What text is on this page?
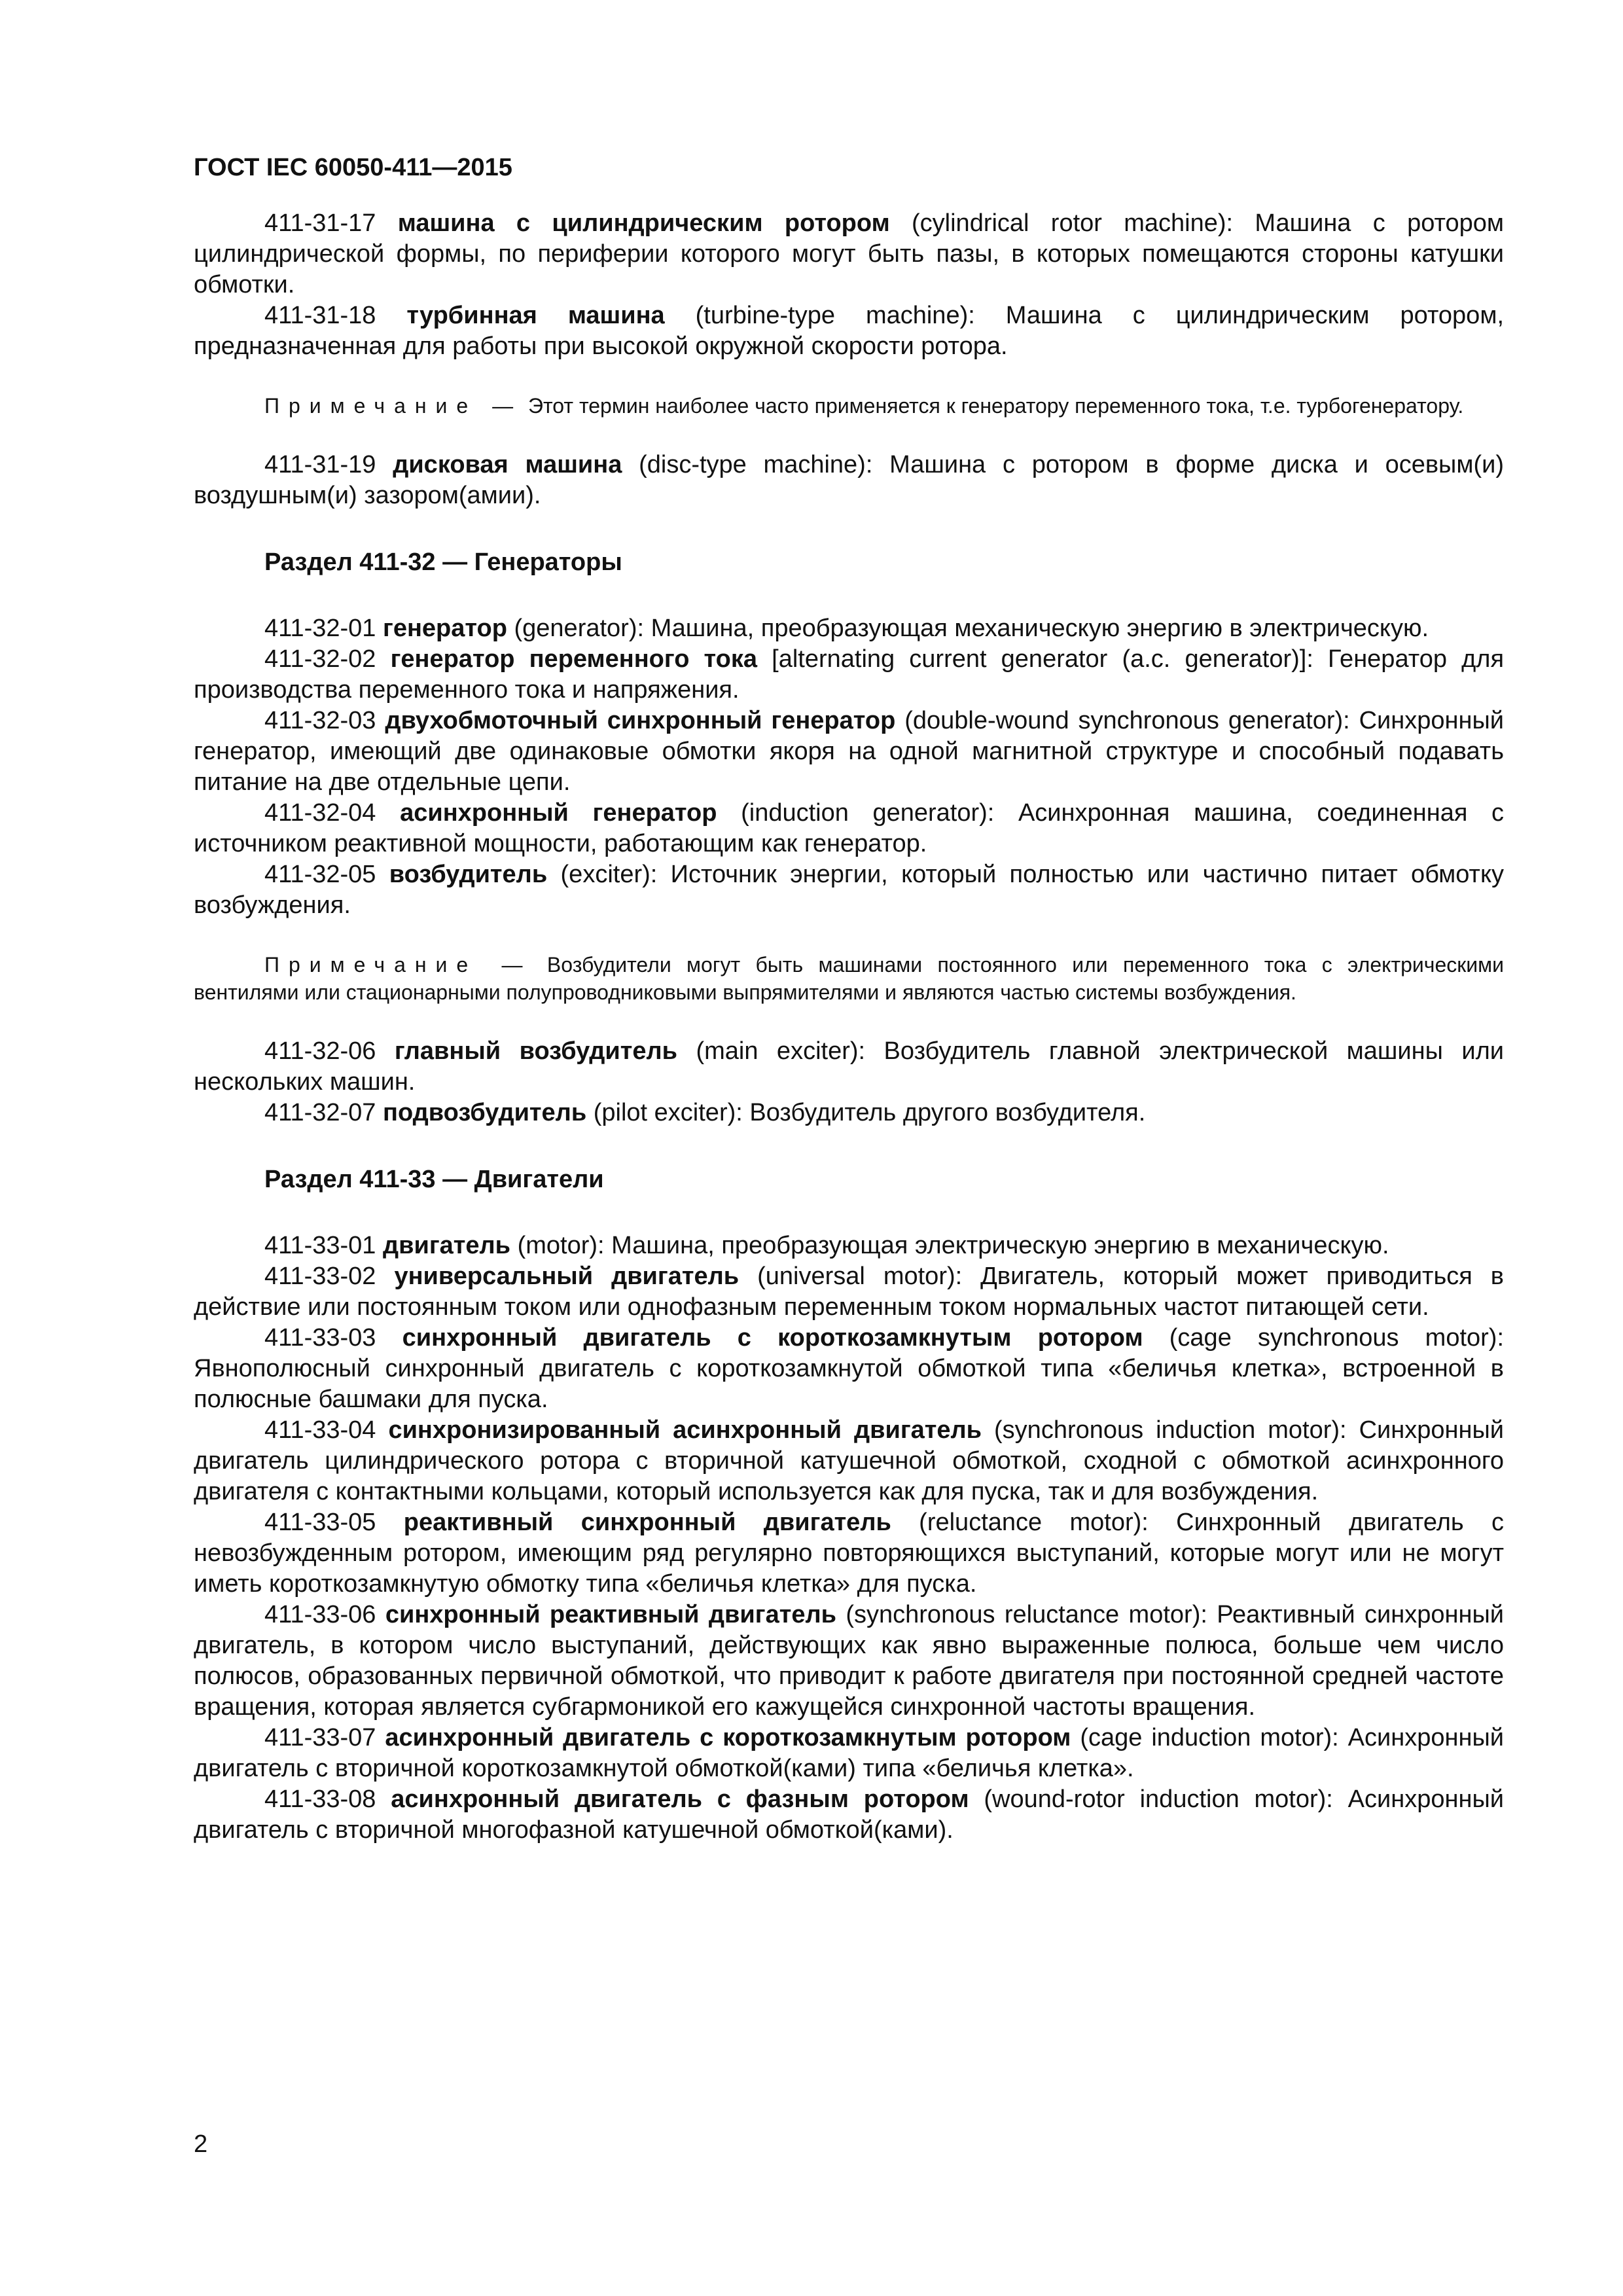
ГОСТ IEC 60050-411—2015

411-31-17 машина с цилиндрическим ротором (cylindrical rotor machine): Машина с ротором цилиндрической формы, по периферии которого могут быть пазы, в которых помещаются стороны катушки обмотки.

411-31-18 турбинная машина (turbine-type machine): Машина с цилиндрическим ротором, предназначенная для работы при высокой окружной скорости ротора.

Примечание — Этот термин наиболее часто применяется к генератору переменного тока, т.е. турбогенератору.

411-31-19 дисковая машина (disc-type machine): Машина с ротором в форме диска и осевым(и) воздушным(и) зазором(амии).

Раздел 411-32 — Генераторы

411-32-01 генератор (generator): Машина, преобразующая механическую энергию в электрическую.

411-32-02 генератор переменного тока [alternating current generator (a.c. generator)]: Генератор для производства переменного тока и напряжения.

411-32-03 двухобмоточный синхронный генератор (double-wound synchronous generator): Синхронный генератор, имеющий две одинаковые обмотки якоря на одной магнитной структуре и способный подавать питание на две отдельные цепи.

411-32-04 асинхронный генератор (induction generator): Асинхронная машина, соединенная с источником реактивной мощности, работающим как генератор.

411-32-05 возбудитель (exciter): Источник энергии, который полностью или частично питает обмотку возбуждения.

Примечание — Возбудители могут быть машинами постоянного или переменного тока с электрическими вентилями или стационарными полупроводниковыми выпрямителями и являются частью системы возбуждения.

411-32-06 главный возбудитель (main exciter): Возбудитель главной электрической машины или нескольких машин.

411-32-07 подвозбудитель (pilot exciter): Возбудитель другого возбудителя.

Раздел 411-33 — Двигатели

411-33-01 двигатель (motor): Машина, преобразующая электрическую энергию в механическую.

411-33-02 универсальный двигатель (universal motor): Двигатель, который может приводиться в действие или постоянным током или однофазным переменным током нормальных частот питающей сети.

411-33-03 синхронный двигатель с короткозамкнутым ротором (cage synchronous motor): Явнополюсный синхронный двигатель с короткозамкнутой обмоткой типа «беличья клетка», встроенной в полюсные башмаки для пуска.

411-33-04 синхронизированный асинхронный двигатель (synchronous induction motor): Синхронный двигатель цилиндрического ротора с вторичной катушечной обмоткой, сходной с обмоткой асинхронного двигателя с контактными кольцами, который используется как для пуска, так и для возбуждения.

411-33-05 реактивный синхронный двигатель (reluctance motor): Синхронный двигатель с невозбужденным ротором, имеющим ряд регулярно повторяющихся выступаний, которые могут или не могут иметь короткозамкнутую обмотку типа «беличья клетка» для пуска.

411-33-06 синхронный реактивный двигатель (synchronous reluctance motor): Реактивный синхронный двигатель, в котором число выступаний, действующих как явно выраженные полюса, больше чем число полюсов, образованных первичной обмоткой, что приводит к работе двигателя при постоянной средней частоте вращения, которая является субгармоникой его кажущейся синхронной частоты вращения.

411-33-07 асинхронный двигатель с короткозамкнутым ротором (cage induction motor): Асинхронный двигатель с вторичной короткозамкнутой обмоткой(ками) типа «беличья клетка».

411-33-08 асинхронный двигатель с фазным ротором (wound-rotor induction motor): Асинхронный двигатель с вторичной многофазной катушечной обмоткой(ками).

2
